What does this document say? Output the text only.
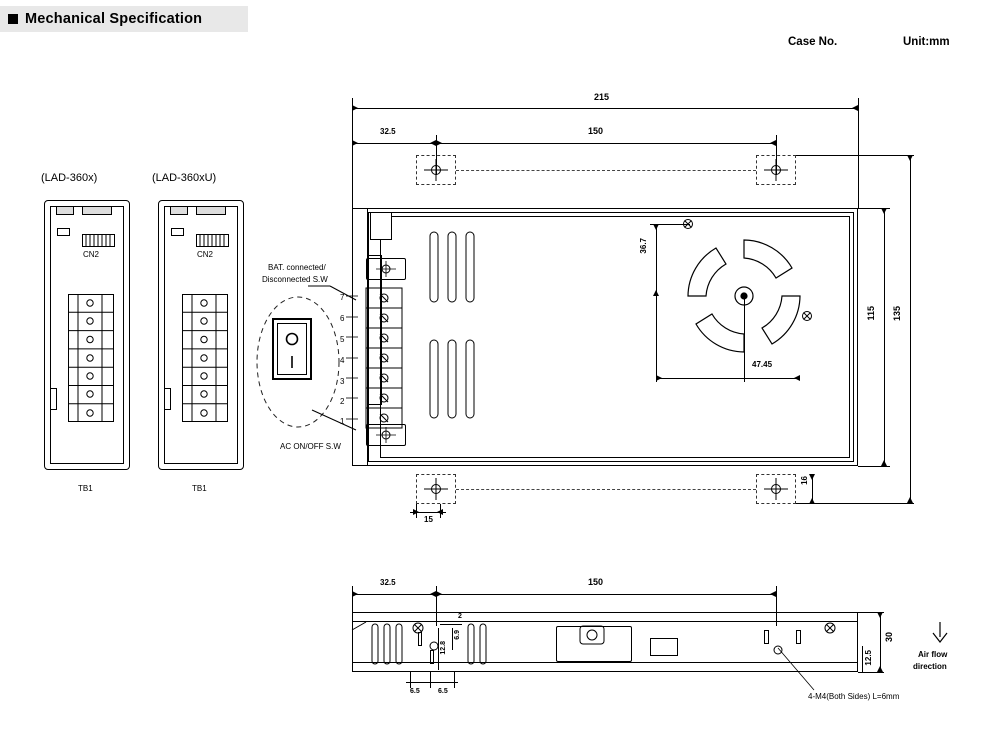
Mechanical Specification
Case No.	Unit:mm
(LAD-360x)
CN2
TB1
(LAD-360xU)
CN2
TB1
BAT. connected/
Disconnected S.W
AC ON/OFF S.W
7
6
5
4
3
2
1
215
32.5	150
36.7
47.45
115 135
15
16
32.5	150
2
6.9
12.8
6.5	6.5
30
12.5
4-M4(Both Sides) L=6mm
Air flow
direction
